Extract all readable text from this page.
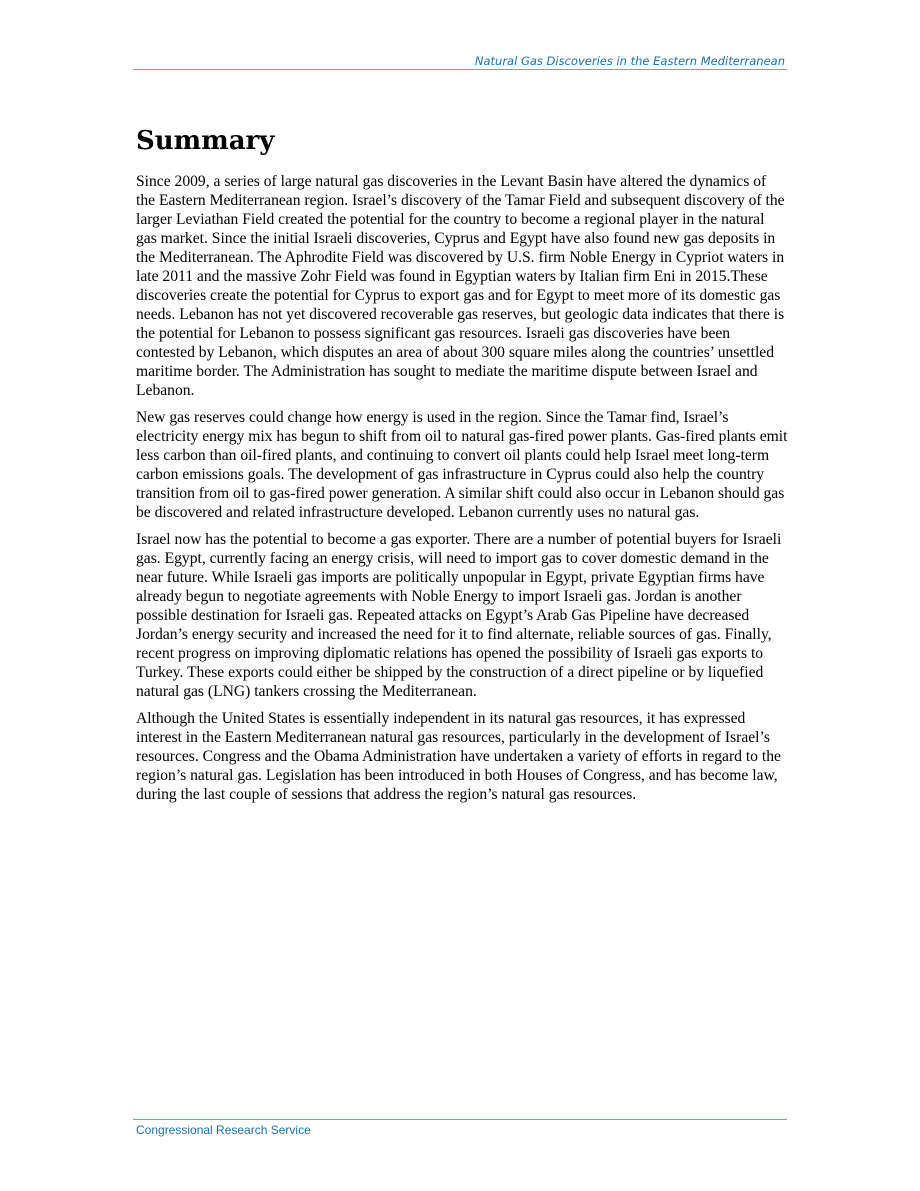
Natural Gas Discoveries in the Eastern Mediterranean
Summary

Since 2009, a series of large natural gas discoveries in the Levant Basin have altered the dynamics of the Eastern Mediterranean region. Israel’s discovery of the Tamar Field and subsequent discovery of the larger Leviathan Field created the potential for the country to become a regional player in the natural gas market. Since the initial Israeli discoveries, Cyprus and Egypt have also found new gas deposits in the Mediterranean. The Aphrodite Field was discovered by U.S. firm Noble Energy in Cypriot waters in late 2011 and the massive Zohr Field was found in Egyptian waters by Italian firm Eni in 2015.These discoveries create the potential for Cyprus to export gas and for Egypt to meet more of its domestic gas needs. Lebanon has not yet discovered recoverable gas reserves, but geologic data indicates that there is the potential for Lebanon to possess significant gas resources. Israeli gas discoveries have been contested by Lebanon, which disputes an area of about 300 square miles along the countries’ unsettled maritime border. The Administration has sought to mediate the maritime dispute between Israel and Lebanon.

New gas reserves could change how energy is used in the region. Since the Tamar find, Israel’s electricity energy mix has begun to shift from oil to natural gas-fired power plants. Gas-fired plants emit less carbon than oil-fired plants, and continuing to convert oil plants could help Israel meet long-term carbon emissions goals. The development of gas infrastructure in Cyprus could also help the country transition from oil to gas-fired power generation. A similar shift could also occur in Lebanon should gas be discovered and related infrastructure developed. Lebanon currently uses no natural gas.

Israel now has the potential to become a gas exporter. There are a number of potential buyers for Israeli gas. Egypt, currently facing an energy crisis, will need to import gas to cover domestic demand in the near future. While Israeli gas imports are politically unpopular in Egypt, private Egyptian firms have already begun to negotiate agreements with Noble Energy to import Israeli gas. Jordan is another possible destination for Israeli gas. Repeated attacks on Egypt’s Arab Gas Pipeline have decreased Jordan’s energy security and increased the need for it to find alternate, reliable sources of gas. Finally, recent progress on improving diplomatic relations has opened the possibility of Israeli gas exports to Turkey. These exports could either be shipped by the construction of a direct pipeline or by liquefied natural gas (LNG) tankers crossing the Mediterranean.

Although the United States is essentially independent in its natural gas resources, it has expressed interest in the Eastern Mediterranean natural gas resources, particularly in the development of Israel’s resources. Congress and the Obama Administration have undertaken a variety of efforts in regard to the region’s natural gas. Legislation has been introduced in both Houses of Congress, and has become law, during the last couple of sessions that address the region’s natural gas resources.

Congressional Research Service
